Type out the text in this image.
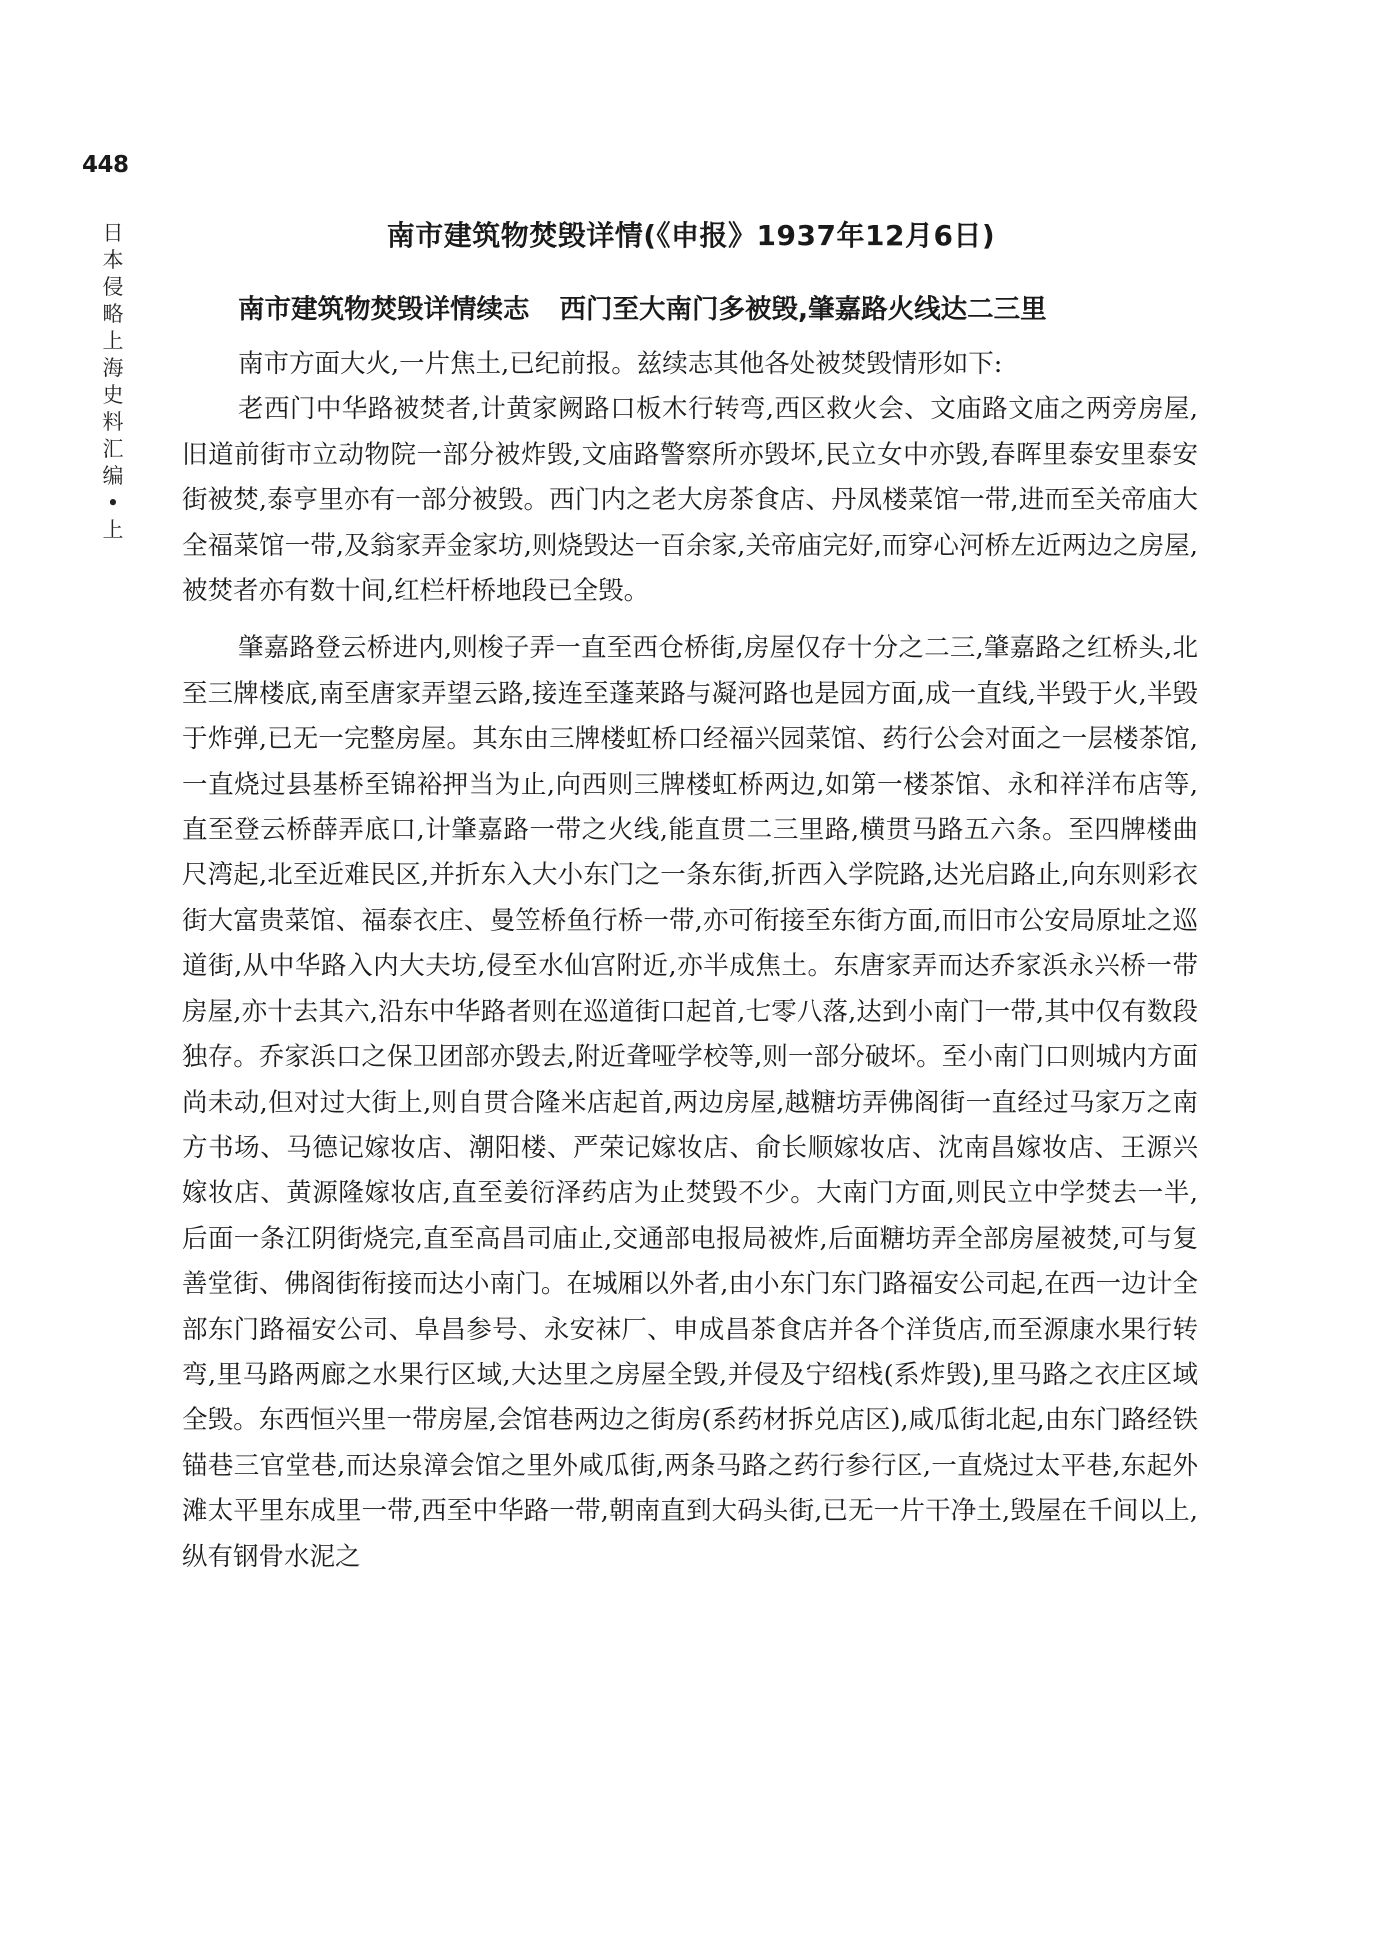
448
日
本
侵
略
上
海
史
料
汇
编
•
上
南市建筑物焚毁详情(《申报》1937年12月6日)
南市建筑物焚毁详情续志 西门至大南门多被毁,肇嘉路火线达二三里

南市方面大火,一片焦土,已纪前报。兹续志其他各处被焚毁情形如下:

老西门中华路被焚者,计黄家阙路口板木行转弯,西区救火会、文庙路文庙之两旁房屋,旧道前街市立动物院一部分被炸毁,文庙路警察所亦毁坏,民立女中亦毁,春晖里泰安里泰安街被焚,泰亨里亦有一部分被毁。西门内之老大房茶食店、丹凤楼菜馆一带,进而至关帝庙大全福菜馆一带,及翁家弄金家坊,则烧毁达一百余家,关帝庙完好,而穿心河桥左近两边之房屋,被焚者亦有数十间,红栏杆桥地段已全毁。

肇嘉路登云桥进内,则梭子弄一直至西仓桥街,房屋仅存十分之二三,肇嘉路之红桥头,北至三牌楼底,南至唐家弄望云路,接连至蓬莱路与凝河路也是园方面,成一直线,半毁于火,半毁于炸弹,已无一完整房屋。其东由三牌楼虹桥口经福兴园菜馆、药行公会对面之一层楼茶馆,一直烧过县基桥至锦裕押当为止,向西则三牌楼虹桥两边,如第一楼茶馆、永和祥洋布店等,直至登云桥薛弄底口,计肇嘉路一带之火线,能直贯二三里路,横贯马路五六条。至四牌楼曲尺湾起,北至近难民区,并折东入大小东门之一条东街,折西入学院路,达光启路止,向东则彩衣街大富贵菜馆、福泰衣庄、曼笠桥鱼行桥一带,亦可衔接至东街方面,而旧市公安局原址之巡道街,从中华路入内大夫坊,侵至水仙宫附近,亦半成焦土。东唐家弄而达乔家浜永兴桥一带房屋,亦十去其六,沿东中华路者则在巡道街口起首,七零八落,达到小南门一带,其中仅有数段独存。乔家浜口之保卫团部亦毁去,附近聋哑学校等,则一部分破坏。至小南门口则城内方面尚未动,但对过大街上,则自贯合隆米店起首,两边房屋,越糖坊弄佛阁街一直经过马家万之南方书场、马德记嫁妆店、潮阳楼、严荣记嫁妆店、俞长顺嫁妆店、沈南昌嫁妆店、王源兴嫁妆店、黄源隆嫁妆店,直至姜衍泽药店为止焚毁不少。大南门方面,则民立中学焚去一半,后面一条江阴街烧完,直至高昌司庙止,交通部电报局被炸,后面糖坊弄全部房屋被焚,可与复善堂街、佛阁街衔接而达小南门。在城厢以外者,由小东门东门路福安公司起,在西一边计全部东门路福安公司、阜昌参号、永安袜厂、申成昌茶食店并各个洋货店,而至源康水果行转弯,里马路两廊之水果行区域,大达里之房屋全毁,并侵及宁绍栈(系炸毁),里马路之衣庄区域全毁。东西恒兴里一带房屋,会馆巷两边之街房(系药材拆兑店区),咸瓜街北起,由东门路经铁锚巷三官堂巷,而达泉漳会馆之里外咸瓜街,两条马路之药行参行区,一直烧过太平巷,东起外滩太平里东成里一带,西至中华路一带,朝南直到大码头街,已无一片干净土,毁屋在千间以上,纵有钢骨水泥之
